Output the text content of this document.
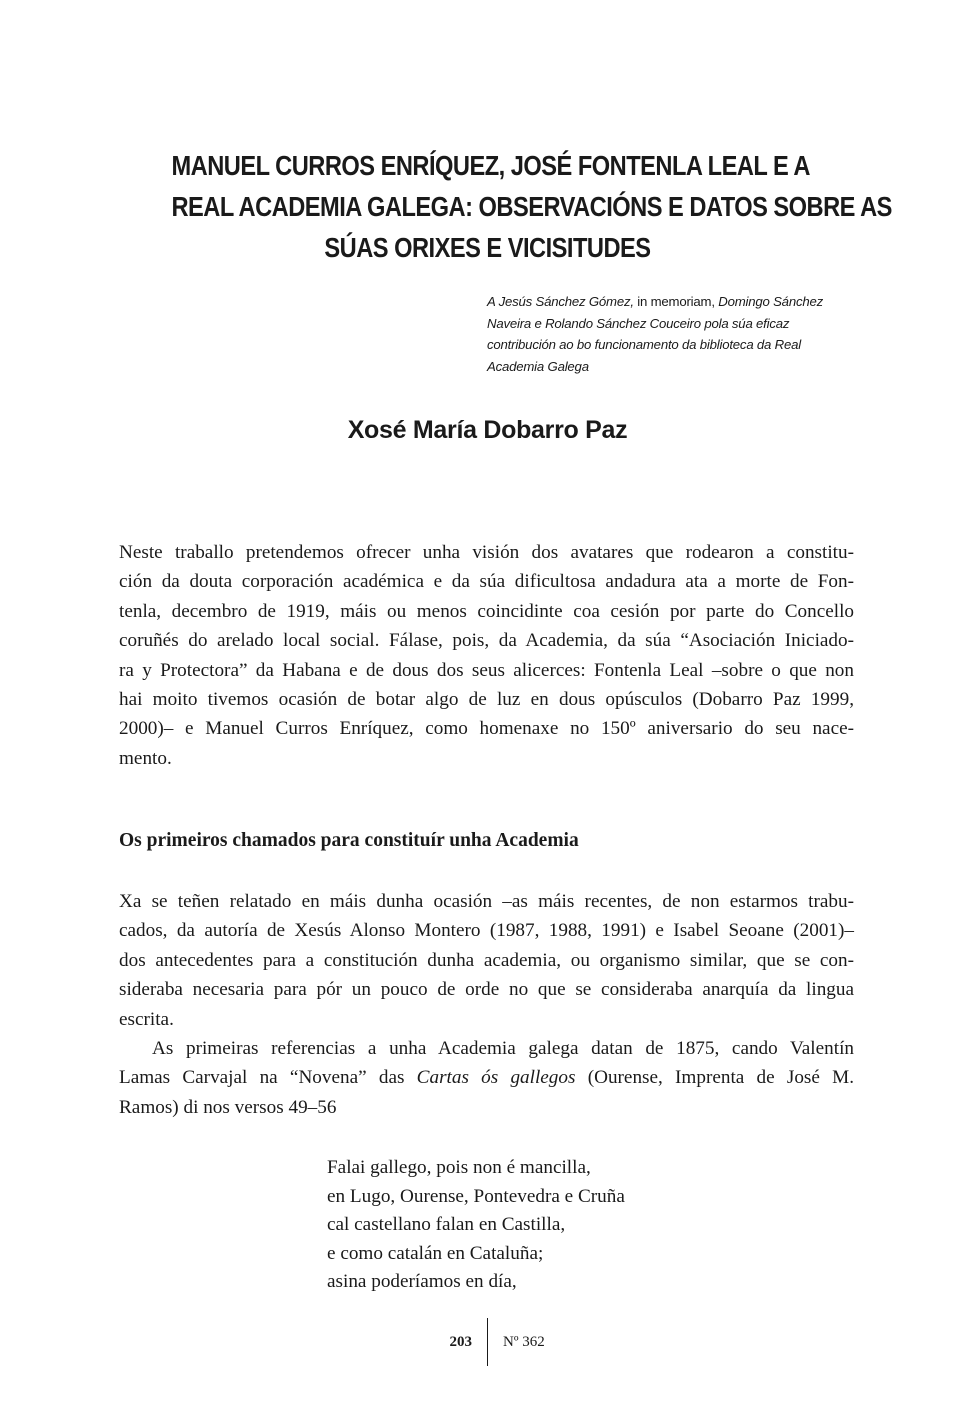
MANUEL CURROS ENRÍQUEZ, JOSÉ FONTENLA LEAL E A
REAL ACADEMIA GALEGA: OBSERVACIÓNS E DATOS SOBRE AS
SÚAS ORIXES E VICISITUDES
A Jesús Sánchez Gómez, in memoriam, Domingo Sánchez
Naveira e Rolando Sánchez Couceiro pola súa eficaz
contribución ao bo funcionamento da biblioteca da Real
Academia Galega
Xosé María Dobarro Paz
Neste traballo pretendemos ofrecer unha visión dos avatares que rodearon a constitu-
ción da douta corporación académica e da súa dificultosa andadura ata a morte de Fon-
tenla, decembro de 1919, máis ou menos coincidinte coa cesión por parte do Concello
coruñés do arelado local social. Fálase, pois, da Academia, da súa “Asociación Iniciado-
ra y Protectora” da Habana e de dous dos seus alicerces: Fontenla Leal –sobre o que non
hai moito tivemos ocasión de botar algo de luz en dous opúsculos (Dobarro Paz 1999,
2000)– e Manuel Curros Enríquez, como homenaxe no 150º aniversario do seu nace-
mento.
Os primeiros chamados para constituír unha Academia
Xa se teñen relatado en máis dunha ocasión –as máis recentes, de non estarmos trabu-
cados, da autoría de Xesús Alonso Montero (1987, 1988, 1991) e Isabel Seoane (2001)–
dos antecedentes para a constitución dunha academia, ou organismo similar, que se con-
sideraba necesaria para pór un pouco de orde no que se consideraba anarquía da lingua
escrita.
As primeiras referencias a unha Academia galega datan de 1875, cando Valentín
Lamas Carvajal na “Novena” das Cartas ós gallegos (Ourense, Imprenta de José M.
Ramos) di nos versos 49–56
Falai gallego, pois non é mancilla,
en Lugo, Ourense, Pontevedra e Cruña
cal castellano falan en Castilla,
e como catalán en Cataluña;
asina poderíamos en día,
203 Nº 362
